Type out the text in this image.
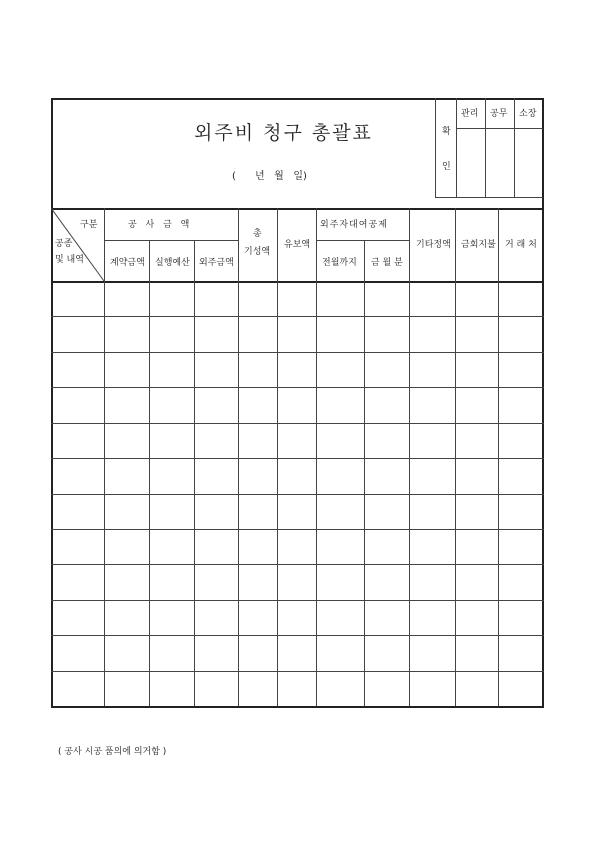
외주비 청구 총괄표
(      년   월   일)
확
인
관리 공무 소장
구분
공종
및 내역
공 사 금 액
계약금액 실행예산 외주금액
총
기성액
유보액
외주자대여공제
전월까지 금 월 분
기타정액 금회지불 거 래 처
( 공사 시공 품의에 의거함 )
